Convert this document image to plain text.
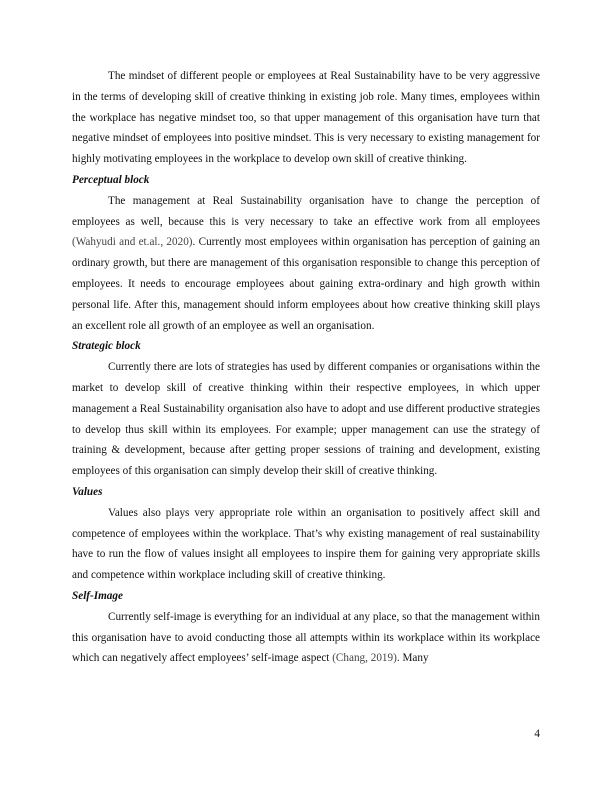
The mindset of different people or employees at Real Sustainability have to be very aggressive in the terms of developing skill of creative thinking in existing job role. Many times, employees within the workplace has negative mindset too, so that upper management of this organisation have turn that negative mindset of employees into positive mindset. This is very necessary to existing management for highly motivating employees in the workplace to develop own skill of creative thinking.

Perceptual block

The management at Real Sustainability organisation have to change the perception of employees as well, because this is very necessary to take an effective work from all employees (Wahyudi and et.al., 2020). Currently most employees within organisation has perception of gaining an ordinary growth, but there are management of this organisation responsible to change this perception of employees. It needs to encourage employees about gaining extra-ordinary and high growth within personal life. After this, management should inform employees about how creative thinking skill plays an excellent role all growth of an employee as well an organisation.

Strategic block

Currently there are lots of strategies has used by different companies or organisations within the market to develop skill of creative thinking within their respective employees, in which upper management a Real Sustainability organisation also have to adopt and use different productive strategies to develop thus skill within its employees. For example; upper management can use the strategy of training & development, because after getting proper sessions of training and development, existing employees of this organisation can simply develop their skill of creative thinking.

Values

Values also plays very appropriate role within an organisation to positively affect skill and competence of employees within the workplace. That’s why existing management of real sustainability have to run the flow of values insight all employees to inspire them for gaining very appropriate skills and competence within workplace including skill of creative thinking.

Self-Image

Currently self-image is everything for an individual at any place, so that the management within this organisation have to avoid conducting those all attempts within its workplace within its workplace which can negatively affect employees’ self-image aspect (Chang, 2019). Many

4
